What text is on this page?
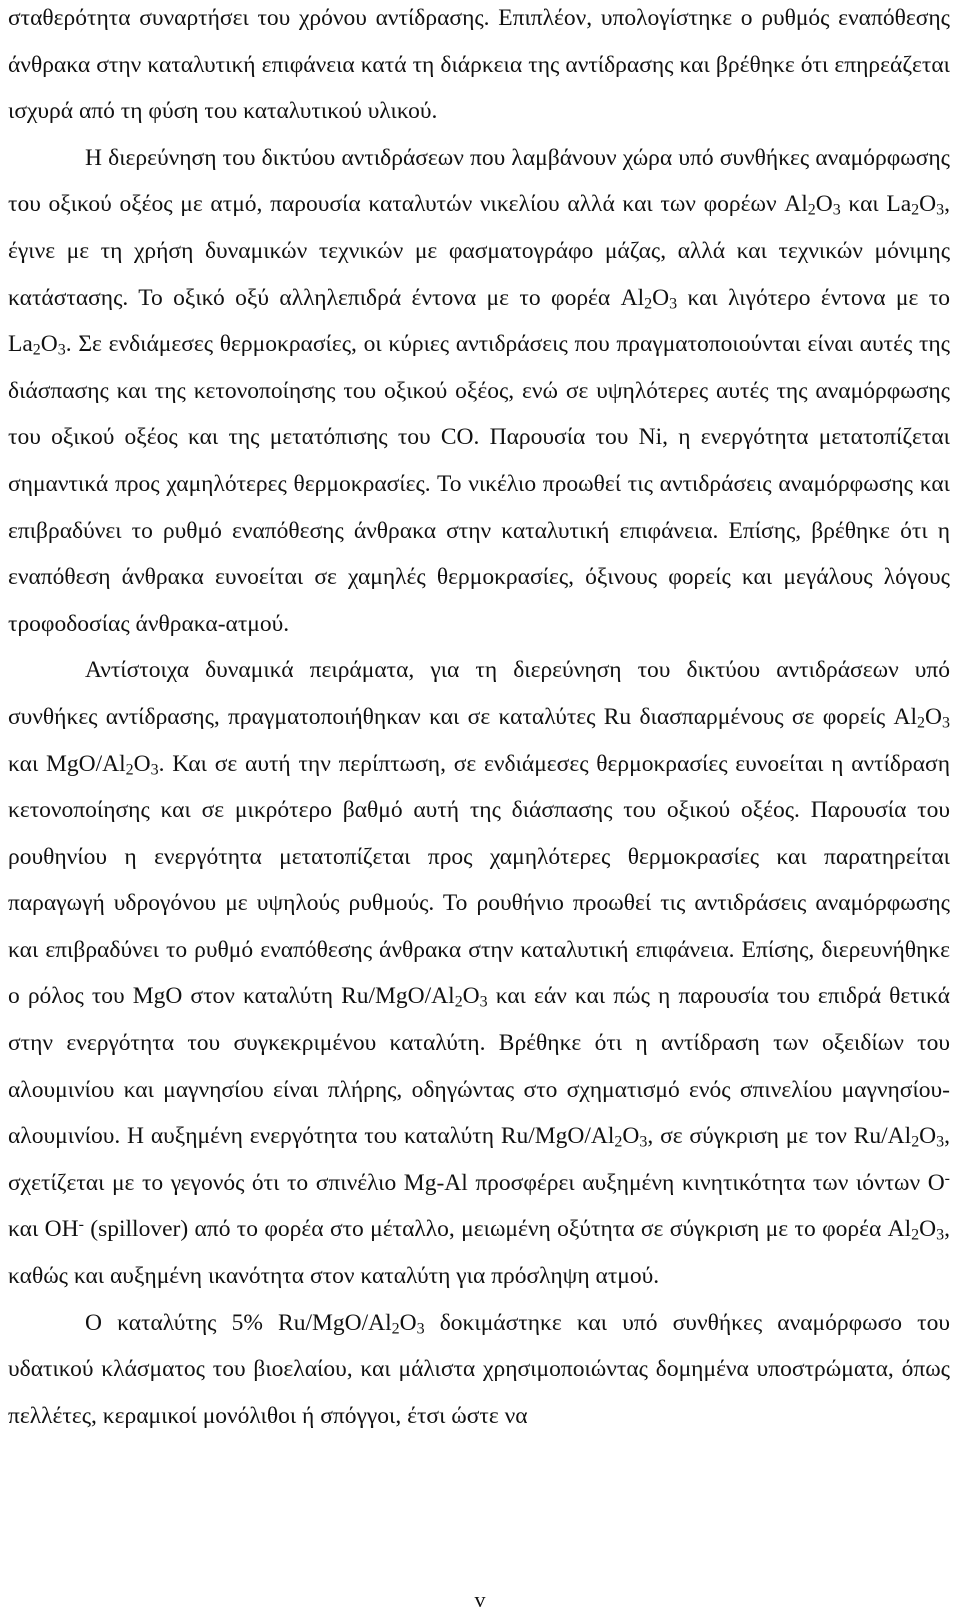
σταθερότητα συναρτήσει του χρόνου αντίδρασης. Επιπλέον, υπολογίστηκε ο ρυθμός εναπόθεσης άνθρακα στην καταλυτική επιφάνεια κατά τη διάρκεια της αντίδρασης και βρέθηκε ότι επηρεάζεται ισχυρά από τη φύση του καταλυτικού υλικού.

Η διερεύνηση του δικτύου αντιδράσεων που λαμβάνουν χώρα υπό συνθήκες αναμόρφωσης του οξικού οξέος με ατμό, παρουσία καταλυτών νικελίου αλλά και των φορέων $Al_2O_3$ και $La_2O_3$, έγινε με τη χρήση δυναμικών τεχνικών με φασματογράφο μάζας, αλλά και τεχνικών μόνιμης κατάστασης. Το οξικό οξύ αλληλεπιδρά έντονα με το φορέα $Al_2O_3$ και λιγότερο έντονα με το $La_2O_3$. Σε ενδιάμεσες θερμοκρασίες, οι κύριες αντιδράσεις που πραγματοποιούνται είναι αυτές της διάσπασης και της κετονοποίησης του οξικού οξέος, ενώ σε υψηλότερες αυτές της αναμόρφωσης του οξικού οξέος και της μετατόπισης του CO. Παρουσία του Ni, η ενεργότητα μετατοπίζεται σημαντικά προς χαμηλότερες θερμοκρασίες. Το νικέλιο προωθεί τις αντιδράσεις αναμόρφωσης και επιβραδύνει το ρυθμό εναπόθεσης άνθρακα στην καταλυτική επιφάνεια. Επίσης, βρέθηκε ότι η εναπόθεση άνθρακα ευνοείται σε χαμηλές θερμοκρασίες, όξινους φορείς και μεγάλους λόγους τροφοδοσίας άνθρακα-ατμού.

Αντίστοιχα δυναμικά πειράματα, για τη διερεύνηση του δικτύου αντιδράσεων υπό συνθήκες αντίδρασης, πραγματοποιήθηκαν και σε καταλύτες Ru διασπαρμένους σε φορείς $Al_2O_3$ και MgO/$Al_2O_3$. Και σε αυτή την περίπτωση, σε ενδιάμεσες θερμοκρασίες ευνοείται η αντίδραση κετονοποίησης και σε μικρότερο βαθμό αυτή της διάσπασης του οξικού οξέος. Παρουσία του ρουθηνίου η ενεργότητα μετατοπίζεται προς χαμηλότερες θερμοκρασίες και παρατηρείται παραγωγή υδρογόνου με υψηλούς ρυθμούς. Το ρουθήνιο προωθεί τις αντιδράσεις αναμόρφωσης και επιβραδύνει το ρυθμό εναπόθεσης άνθρακα στην καταλυτική επιφάνεια. Επίσης, διερευνήθηκε ο ρόλος του MgO στον καταλύτη $Ru/MgO/Al_2O_3$ και εάν και πώς η παρουσία του επιδρά θετικά στην ενεργότητα του συγκεκριμένου καταλύτη. Βρέθηκε ότι η αντίδραση των οξειδίων του αλουμινίου και μαγνησίου είναι πλήρης, οδηγώντας στο σχηματισμό ενός σπινελίου μαγνησίου-αλουμινίου. Η αυξημένη ενεργότητα του καταλύτη $Ru/MgO/Al_2O_3$, σε σύγκριση με τον $Ru/Al_2O_3$, σχετίζεται με το γεγονός ότι το σπινέλιο Mg-Al προσφέρει αυξημένη κινητικότητα των ιόντων O- και OH- (spillover) από το φορέα στο μέταλλο, μειωμένη οξύτητα σε σύγκριση με το φορέα $Al_2O_3$, καθώς και αυξημένη ικανότητα στον καταλύτη για πρόσληψη ατμού.

Ο καταλύτης 5% $Ru/MgO/Al_2O_3$ δοκιμάστηκε και υπό συνθήκες αναμόρφωσο του υδατικού κλάσματος του βιοελαίου, και μάλιστα χρησιμοποιώντας δομημένα υποστρώματα, όπως πελλέτες, κεραμικοί μονόλιθοι ή σπόγγοι, έτσι ώστε να

v
